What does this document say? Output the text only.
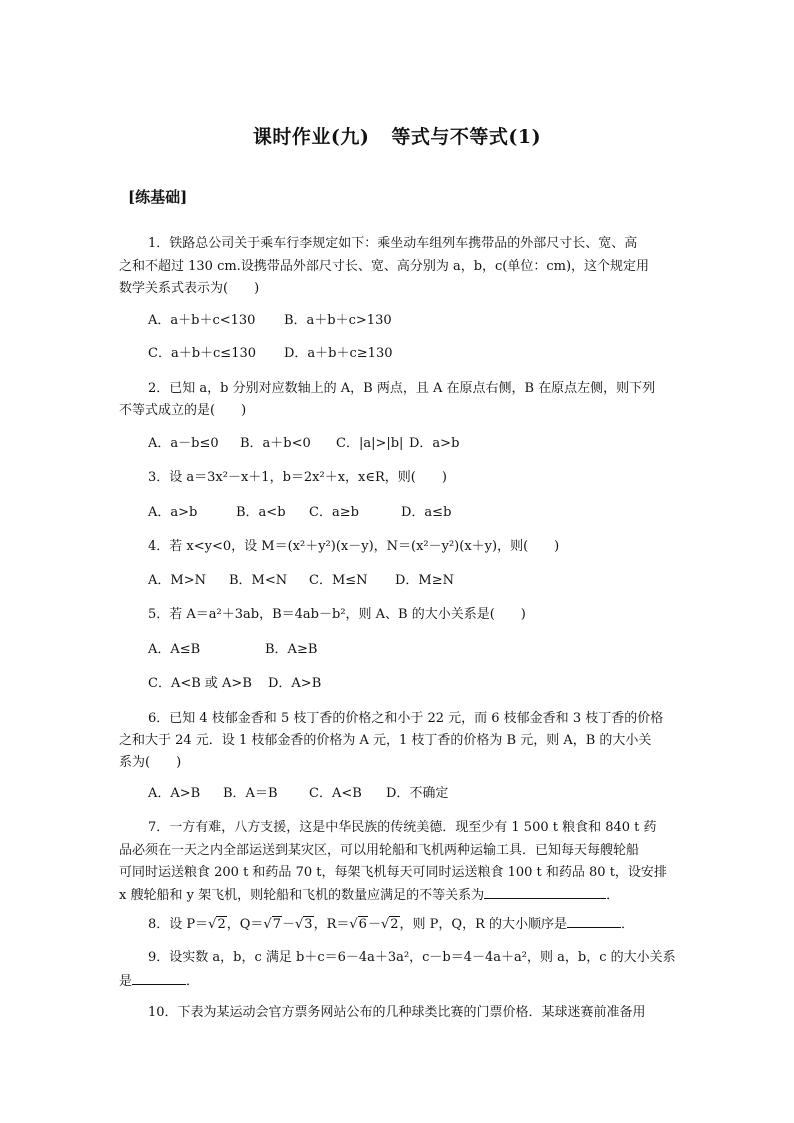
课时作业(九) 等式与不等式(1)
[练基础]
1．铁路总公司关于乘车行李规定如下：乘坐动车组列车携带品的外部尺寸长、宽、高
之和不超过 130 cm.设携带品外部尺寸长、宽、高分别为 a，b，c(单位：cm)，这个规定用
数学关系式表示为(　　)
A．a＋b＋c<130 B．a＋b＋c>130
C．a＋b＋c≤130 D．a＋b＋c≥130
2．已知 a，b 分别对应数轴上的 A，B 两点，且 A 在原点右侧，B 在原点左侧，则下列
不等式成立的是(　　)
A．a－b≤0 B．a＋b<0 C．|a|>|b| D．a>b
3．设 a＝3x²－x＋1，b＝2x²＋x，x∈R，则(　　)
A．a>b	B．a<b C．a≥b	D．a≤b
4．若 x<y<0，设 M＝(x²＋y²)(x－y)，N＝(x²－y²)(x＋y)，则(　　)
A．M>N B．M<N C．M≤N D．M≥N
5．若 A＝a²＋3ab，B＝4ab－b²，则 A、B 的大小关系是(　　)
A．A≤B	B．A≥B
C．A<B 或 A>B D．A>B
6．已知 4 枝郁金香和 5 枝丁香的价格之和小于 22 元，而 6 枝郁金香和 3 枝丁香的价格
之和大于 24 元．设 1 枝郁金香的价格为 A 元，1 枝丁香的价格为 B 元，则 A，B 的大小关
系为(　　)
A．A>B B．A＝B C．A<B D．不确定
7．一方有难，八方支援，这是中华民族的传统美德．现至少有 1 500 t 粮食和 840 t 药
品必须在一天之内全部运送到某灾区，可以用轮船和飞机两种运输工具．已知每天每艘轮船
可同时运送粮食 200 t 和药品 70 t，每架飞机每天可同时运送粮食 100 t 和药品 80 t，设安排
x 艘轮船和 y 架飞机，则轮船和飞机的数量应满足的不等关系为	．
8．设 P＝√2，Q＝√7－√3，R＝√6－√2，则 P，Q，R 的大小顺序是	．
9．设实数 a，b，c 满足 b＋c＝6－4a＋3a²，c－b＝4－4a＋a²，则 a，b，c 的大小关系
是	．
10．下表为某运动会官方票务网站公布的几种球类比赛的门票价格．某球迷赛前准备用
